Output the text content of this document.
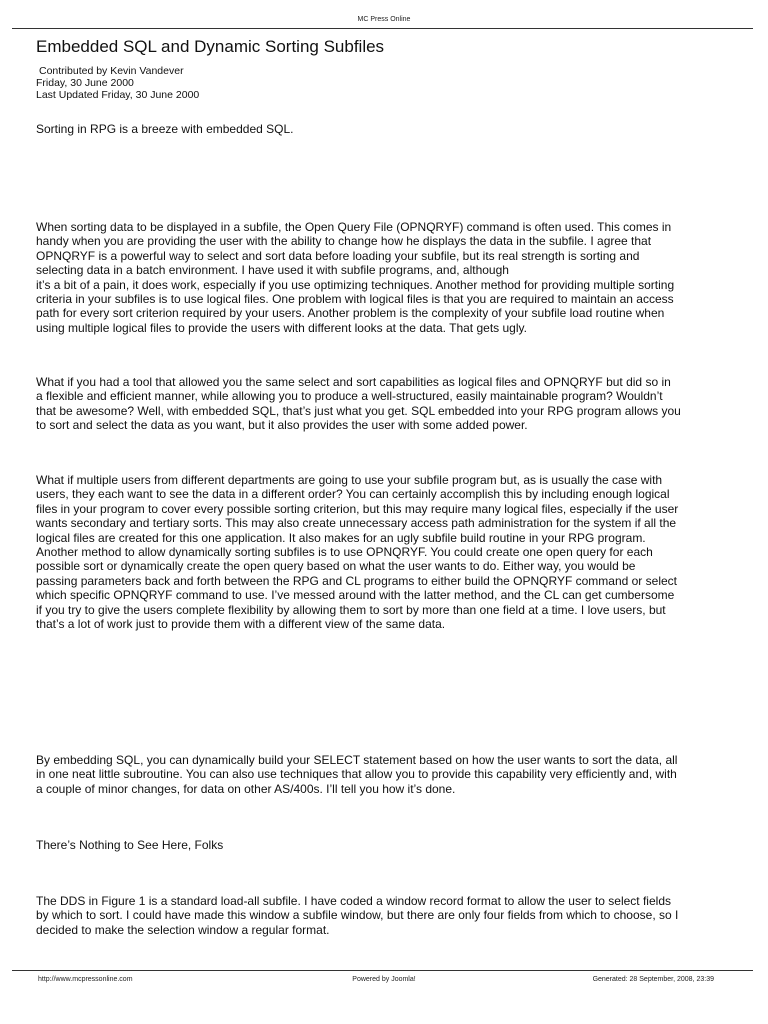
MC Press Online
Embedded SQL and Dynamic Sorting Subfiles
Contributed by Kevin Vandever
Friday, 30 June 2000
Last Updated Friday, 30 June 2000
Sorting in RPG is a breeze with embedded SQL.
When sorting data to be displayed in a subfile, the Open Query File (OPNQRYF) command is often used. This comes in
handy when you are providing the user with the ability to change how he displays the data in the subfile. I agree that
OPNQRYF is a powerful way to select and sort data before loading your subfile, but its real strength is sorting and
selecting data in a batch environment. I have used it with subfile programs, and, although
it’s a bit of a pain, it does work, especially if you use optimizing techniques. Another method for providing multiple sorting
criteria in your subfiles is to use logical files. One problem with logical files is that you are required to maintain an access
path for every sort criterion required by your users. Another problem is the complexity of your subfile load routine when
using multiple logical files to provide the users with different looks at the data. That gets ugly.
What if you had a tool that allowed you the same select and sort capabilities as logical files and OPNQRYF but did so in
a flexible and efficient manner, while allowing you to produce a well-structured, easily maintainable program? Wouldn’t
that be awesome? Well, with embedded SQL, that’s just what you get. SQL embedded into your RPG program allows you
to sort and select the data as you want, but it also provides the user with some added power.
What if multiple users from different departments are going to use your subfile program but, as is usually the case with
users, they each want to see the data in a different order? You can certainly accomplish this by including enough logical
files in your program to cover every possible sorting criterion, but this may require many logical files, especially if the user
wants secondary and tertiary sorts. This may also create unnecessary access path administration for the system if all the
logical files are created for this one application. It also makes for an ugly subfile build routine in your RPG program.
Another method to allow dynamically sorting subfiles is to use OPNQRYF. You could create one open query for each
possible sort or dynamically create the open query based on what the user wants to do. Either way, you would be
passing parameters back and forth between the RPG and CL programs to either build the OPNQRYF command or select
which specific OPNQRYF command to use. I’ve messed around with the latter method, and the CL can get cumbersome
if you try to give the users complete flexibility by allowing them to sort by more than one field at a time. I love users, but
that’s a lot of work just to provide them with a different view of the same data.
By embedding SQL, you can dynamically build your SELECT statement based on how the user wants to sort the data, all
in one neat little subroutine. You can also use techniques that allow you to provide this capability very efficiently and, with
a couple of minor changes, for data on other AS/400s. I’ll tell you how it’s done.
There’s Nothing to See Here, Folks
The DDS in Figure 1 is a standard load-all subfile. I have coded a window record format to allow the user to select fields
by which to sort. I could have made this window a subfile window, but there are only four fields from which to choose, so I
decided to make the selection window a regular format.
http://www.mcpressonline.com	Powered by Joomla!	Generated: 28 September, 2008, 23:39
